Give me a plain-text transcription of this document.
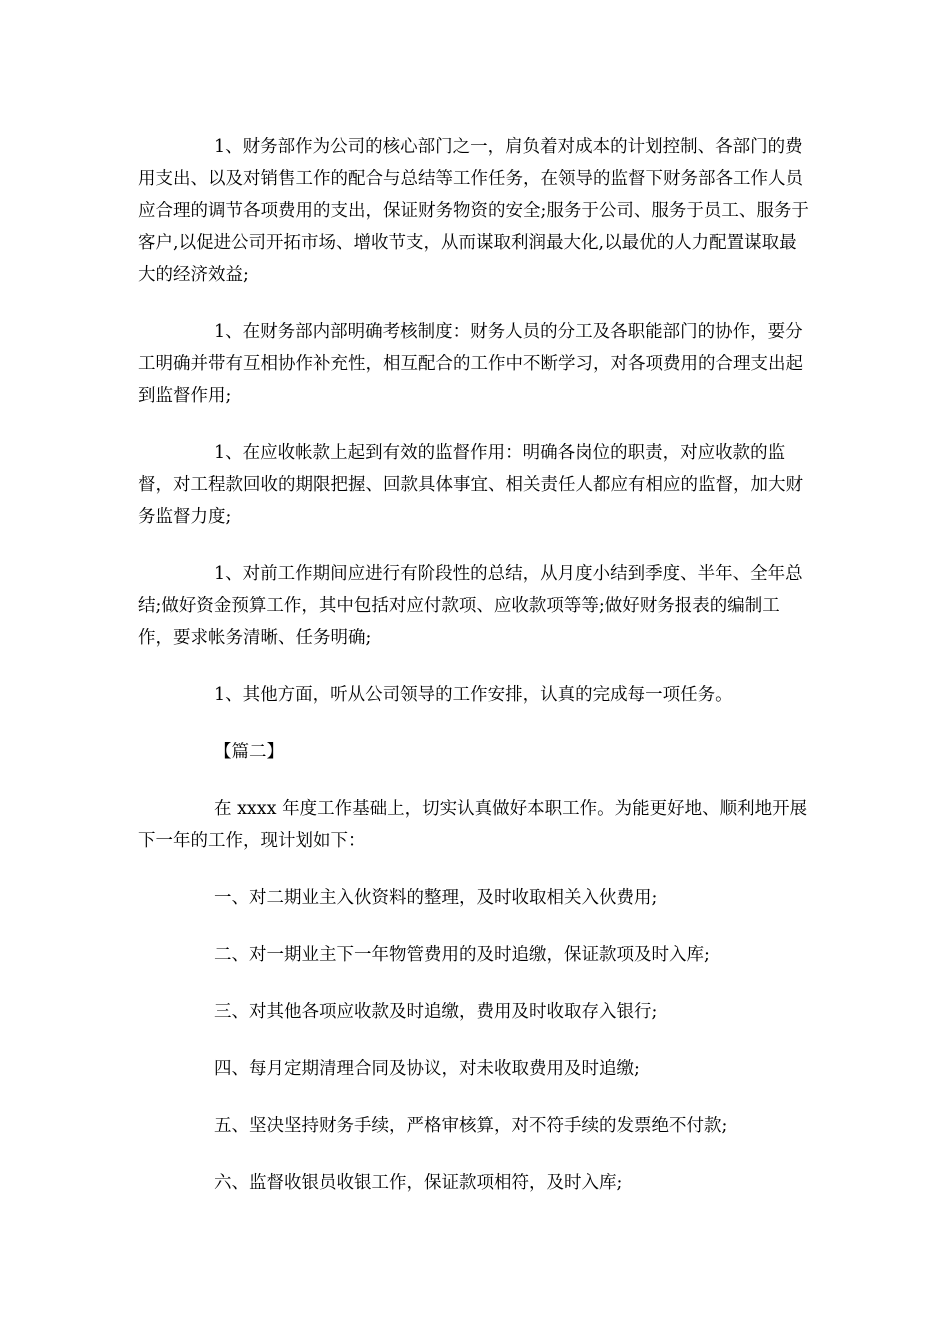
1、财务部作为公司的核心部门之一，肩负着对成本的计划控制、各部门的费用支出、以及对销售工作的配合与总结等工作任务，在领导的监督下财务部各工作人员应合理的调节各项费用的支出，保证财务物资的安全;服务于公司、服务于员工、服务于客户,以促进公司开拓市场、增收节支，从而谋取利润最大化,以最优的人力配置谋取最大的经济效益;

1、在财务部内部明确考核制度：财务人员的分工及各职能部门的协作，要分工明确并带有互相协作补充性，相互配合的工作中不断学习，对各项费用的合理支出起到监督作用;

1、在应收帐款上起到有效的监督作用：明确各岗位的职责，对应收款的监督，对工程款回收的期限把握、回款具体事宜、相关责任人都应有相应的监督，加大财务监督力度;

1、对前工作期间应进行有阶段性的总结，从月度小结到季度、半年、全年总结;做好资金预算工作，其中包括对应付款项、应收款项等等;做好财务报表的编制工作，要求帐务清晰、任务明确;

1、其他方面，听从公司领导的工作安排，认真的完成每一项任务。

【篇二】

在 xxxx 年度工作基础上，切实认真做好本职工作。为能更好地、顺利地开展下一年的工作，现计划如下：

一、对二期业主入伙资料的整理，及时收取相关入伙费用;

二、对一期业主下一年物管费用的及时追缴，保证款项及时入库;

三、对其他各项应收款及时追缴，费用及时收取存入银行;

四、每月定期清理合同及协议，对未收取费用及时追缴;

五、坚决坚持财务手续，严格审核算，对不符手续的发票绝不付款;

六、监督收银员收银工作，保证款项相符，及时入库;
